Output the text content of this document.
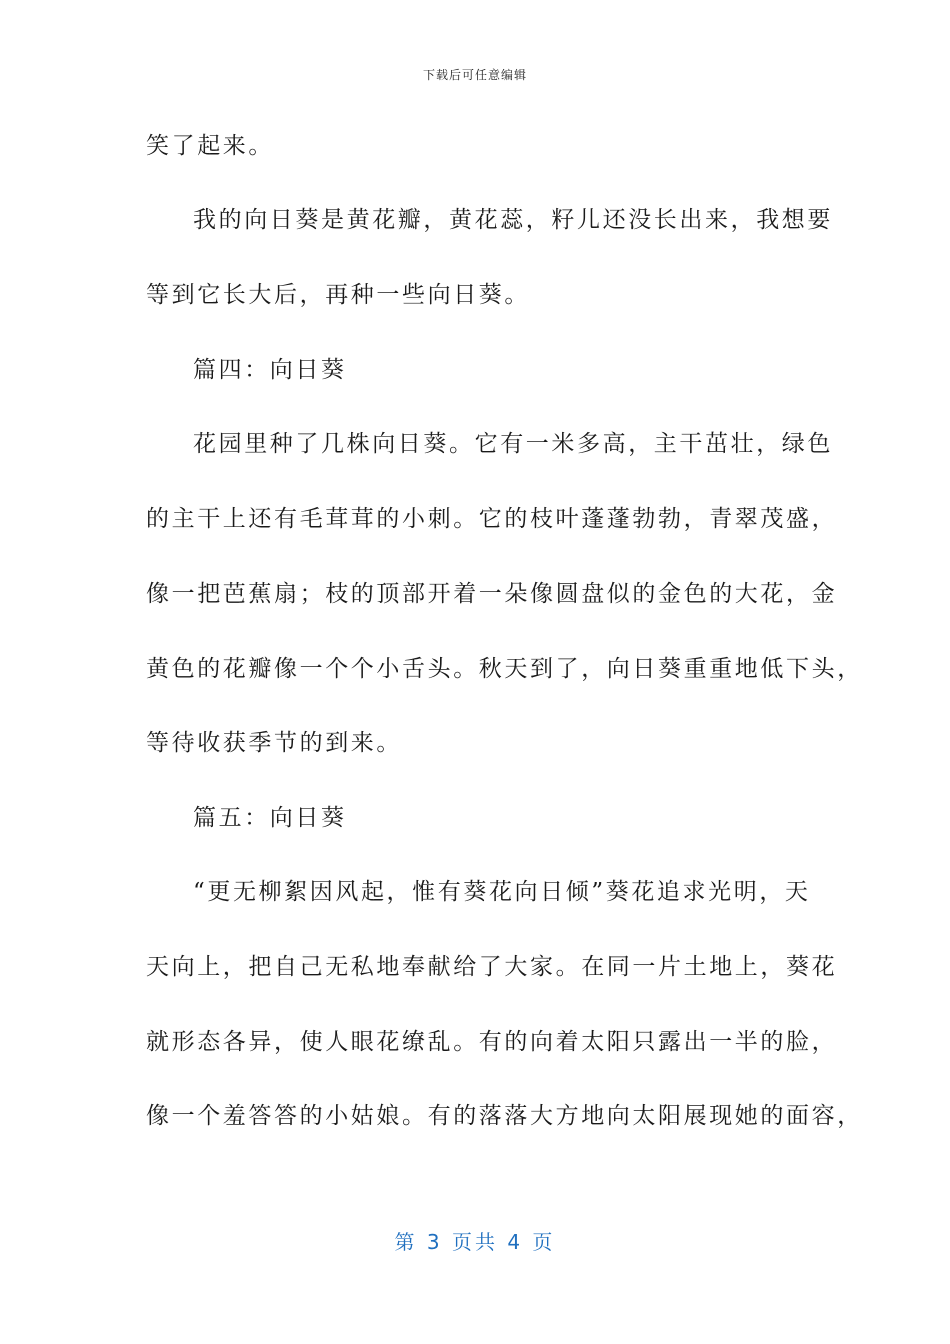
下载后可任意编辑
笑了起来。
我的向日葵是黄花瓣，黄花蕊，籽儿还没长出来，我想要
等到它长大后，再种一些向日葵。
篇四：向日葵
花园里种了几株向日葵。它有一米多高，主干茁壮，绿色
的主干上还有毛茸茸的小刺。它的枝叶蓬蓬勃勃，青翠茂盛，
像一把芭蕉扇；枝的顶部开着一朵像圆盘似的金色的大花，金
黄色的花瓣像一个个小舌头。秋天到了，向日葵重重地低下头，
等待收获季节的到来。
篇五：向日葵
“更无柳絮因风起，惟有葵花向日倾”葵花追求光明，天
天向上，把自己无私地奉献给了大家。在同一片土地上，葵花
就形态各异，使人眼花缭乱。有的向着太阳只露出一半的脸，
像一个羞答答的小姑娘。有的落落大方地向太阳展现她的面容，
第 3 页共 4 页
